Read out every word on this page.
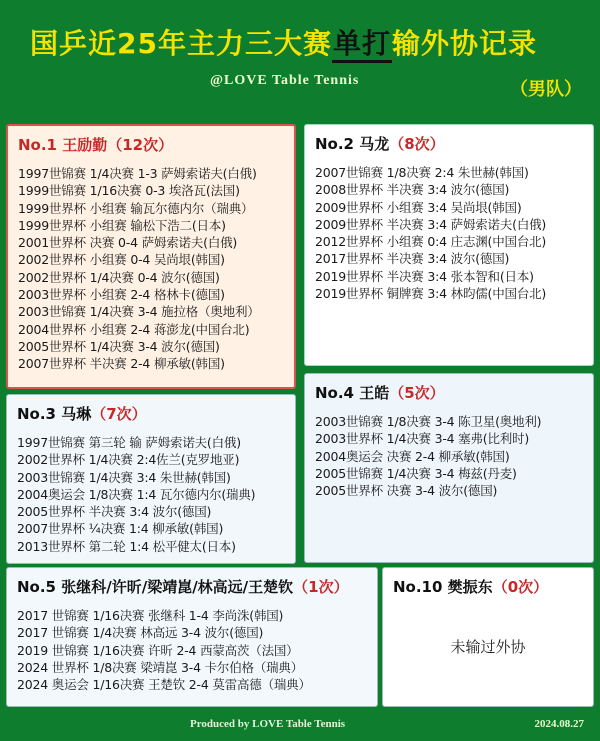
国乒近25年主力三大赛单打输外协记录
@LOVE Table Tennis	（男队）
No.1 王励勤（12次）
1997世锦赛 1/4决赛 1-3 萨姆索诺夫(白俄)
1999世锦赛 1/16决赛 0-3 埃洛瓦(法国)
1999世界杯 小组赛 输瓦尔德内尔（瑞典）
1999世界杯 小组赛 输松下浩二(日本)
2001世界杯 决赛 0-4 萨姆索诺夫(白俄)
2002世界杯 小组赛 0-4 吴尚垠(韩国)
2002世界杯 1/4决赛 0-4 波尔(德国)
2003世界杯 小组赛 2-4 格林卡(德国)
2003世锦赛 1/4决赛 3-4 施拉格（奥地利）
2004世界杯 小组赛 2-4 蒋澎龙(中国台北)
2005世界杯 1/4决赛 3-4 波尔(德国)
2007世界杯 半决赛 2-4 柳承敏(韩国)
No.2 马龙（8次）
2007世锦赛 1/8决赛 2:4 朱世赫(韩国)
2008世界杯 半决赛 3:4 波尔(德国)
2009世界杯 小组赛 3:4 吴尚垠(韩国)
2009世界杯 半决赛 3:4 萨姆索诺夫(白俄)
2012世界杯 小组赛 0:4 庄志渊(中国台北)
2017世界杯 半决赛 3:4 波尔(德国)
2019世界杯 半决赛 3:4 张本智和(日本)
2019世界杯 铜牌赛 3:4 林昀儒(中国台北)
No.3 马琳（7次）
1997世锦赛 第三轮 输 萨姆索诺夫(白俄)
2002世界杯 1/4决赛 2:4佐兰(克罗地亚)
2003世锦赛 1/4决赛 3:4 朱世赫(韩国)
2004奥运会 1/8决赛 1:4 瓦尔德内尔(瑞典)
2005世界杯 半决赛 3:4 波尔(德国)
2007世界杯 ¼决赛 1:4 柳承敏(韩国)
2013世界杯 第二轮 1:4 松平健太(日本)
No.4 王皓（5次）
2003世锦赛 1/8决赛 3-4 陈卫星(奥地利)
2003世界杯 1/4决赛 3-4 塞弗(比利时)
2004奥运会 决赛 2-4 柳承敏(韩国)
2005世锦赛 1/4决赛 3-4 梅兹(丹麦)
2005世界杯 决赛 3-4 波尔(德国)
No.5 张继科/许昕/梁靖崑/林高远/王楚钦（1次）
2017 世锦赛 1/16决赛 张继科 1-4 李尚洙(韩国)
2017 世锦赛 1/4决赛 林高远 3-4 波尔(德国)
2019 世锦赛 1/16决赛 许昕 2-4 西蒙高茨（法国）
2024 世界杯 1/8决赛 梁靖崑 3-4 卡尔伯格（瑞典）
2024 奥运会 1/16决赛 王楚钦 2-4 莫雷高德（瑞典）
No.10 樊振东（0次）
未输过外协
Produced by LOVE Table Tennis	2024.08.27
